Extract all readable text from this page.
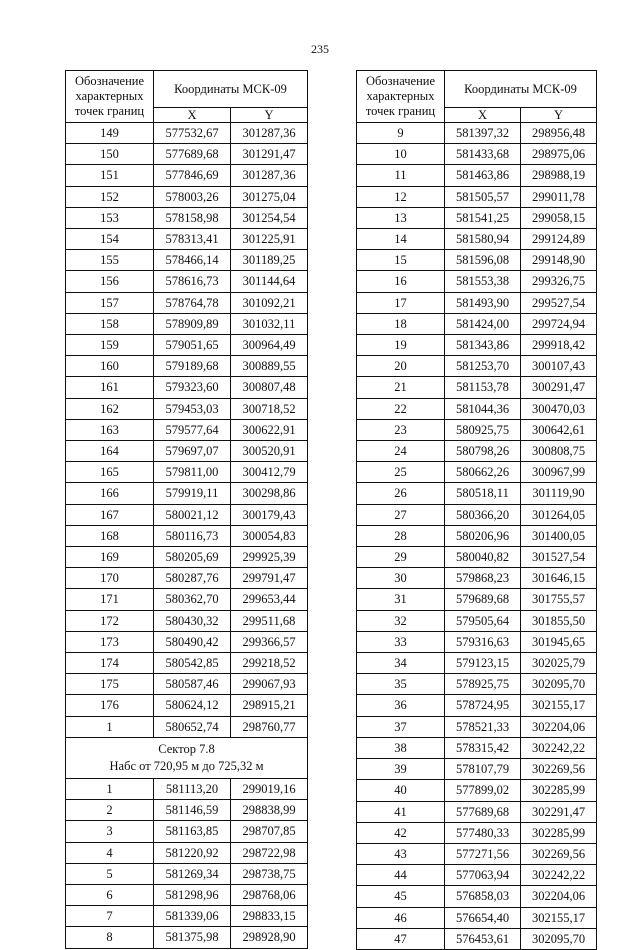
235
Обозначение характерных точек границ	Координаты МСК-09	
	X	Y
149	577532,67	301287,36
150	577689,68	301291,47
151	577846,69	301287,36
152	578003,26	301275,04
153	578158,98	301254,54
154	578313,41	301225,91
155	578466,14	301189,25
156	578616,73	301144,64
157	578764,78	301092,21
158	578909,89	301032,11
159	579051,65	300964,49
160	579189,68	300889,55
161	579323,60	300807,48
162	579453,03	300718,52
163	579577,64	300622,91
164	579697,07	300520,91
165	579811,00	300412,79
166	579919,11	300298,86
167	580021,12	300179,43
168	580116,73	300054,83
169	580205,69	299925,39
170	580287,76	299791,47
171	580362,70	299653,44
172	580430,32	299511,68
173	580490,42	299366,57
174	580542,85	299218,52
175	580587,46	299067,93
176	580624,12	298915,21
1	580652,74	298760,77

Сектор 7.8
Набс от 720,95 м до 725,32 м		

1	581113,20	299019,16
2	581146,59	298838,99
3	581163,85	298707,85
4	581220,92	298722,98
5	581269,34	298738,75
6	581298,96	298768,06
7	581339,06	298833,15
8	581375,98	298928,90
Обозначение характерных точек границ	Координаты МСК-09	
	X	Y
9	581397,32	298956,48
10	581433,68	298975,06
11	581463,86	298988,19
12	581505,57	299011,78
13	581541,25	299058,15
14	581580,94	299124,89
15	581596,08	299148,90
16	581553,38	299326,75
17	581493,90	299527,54
18	581424,00	299724,94
19	581343,86	299918,42
20	581253,70	300107,43
21	581153,78	300291,47
22	581044,36	300470,03
23	580925,75	300642,61
24	580798,26	300808,75
25	580662,26	300967,99
26	580518,11	301119,90
27	580366,20	301264,05
28	580206,96	301400,05
29	580040,82	301527,54
30	579868,23	301646,15
31	579689,68	301755,57
32	579505,64	301855,50
33	579316,63	301945,65
34	579123,15	302025,79
35	578925,75	302095,70
36	578724,95	302155,17
37	578521,33	302204,06
38	578315,42	302242,22
39	578107,79	302269,56
40	577899,02	302285,99
41	577689,68	302291,47
42	577480,33	302285,99
43	577271,56	302269,56
44	577063,94	302242,22
45	576858,03	302204,06
46	576654,40	302155,17
47	576453,61	302095,70
